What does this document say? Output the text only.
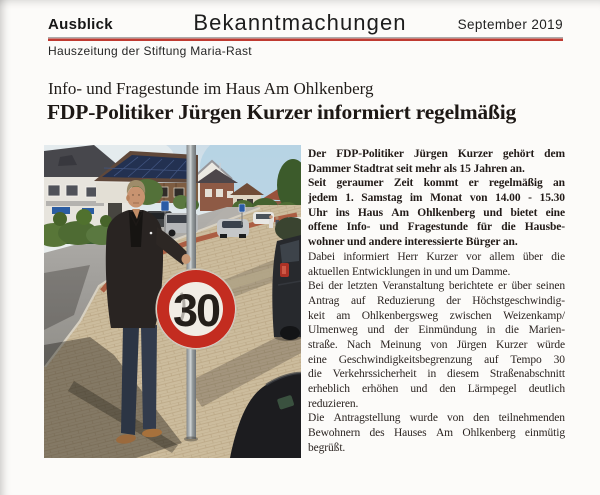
Bekanntmachungen
Ausblick	September 2019
Hauszeitung der Stiftung Maria-Rast
Info- und Fragestunde im Haus Am Ohlkenberg
FDP-Politiker Jürgen Kurzer informiert regelmäßig
30
Der FDP-Politiker Jürgen Kurzer gehört dem
Dammer Stadtrat seit mehr als 15 Jahren an.
Seit geraumer Zeit kommt er regelmäßig an
jedem 1. Samstag im Monat von 14.00 - 15.30
Uhr ins Haus Am Ohlkenberg und bietet eine
offene Info- und Fragestunde für die Hausbe-
wohner und andere interessierte Bürger an.
Dabei informiert Herr Kurzer vor allem über die
aktuellen Entwicklungen in und um Damme.
Bei der letzten Veranstaltung berichtete er über seinen
Antrag auf Reduzierung der Höchstgeschwindig-
keit am Ohlkenbergsweg zwischen Weizenkamp/
Ulmenweg und der Einmündung in die Marien-
straße. Nach Meinung von Jürgen Kurzer würde
eine Geschwindigkeitsbegrenzung auf Tempo 30
die Verkehrssicherheit in diesem Straßenabschnitt
erheblich erhöhen und den Lärmpegel deutlich
reduzieren.
Die Antragstellung wurde von den teilnehmenden
Bewohnern des Hauses Am Ohlkenberg einmütig
begrüßt.
